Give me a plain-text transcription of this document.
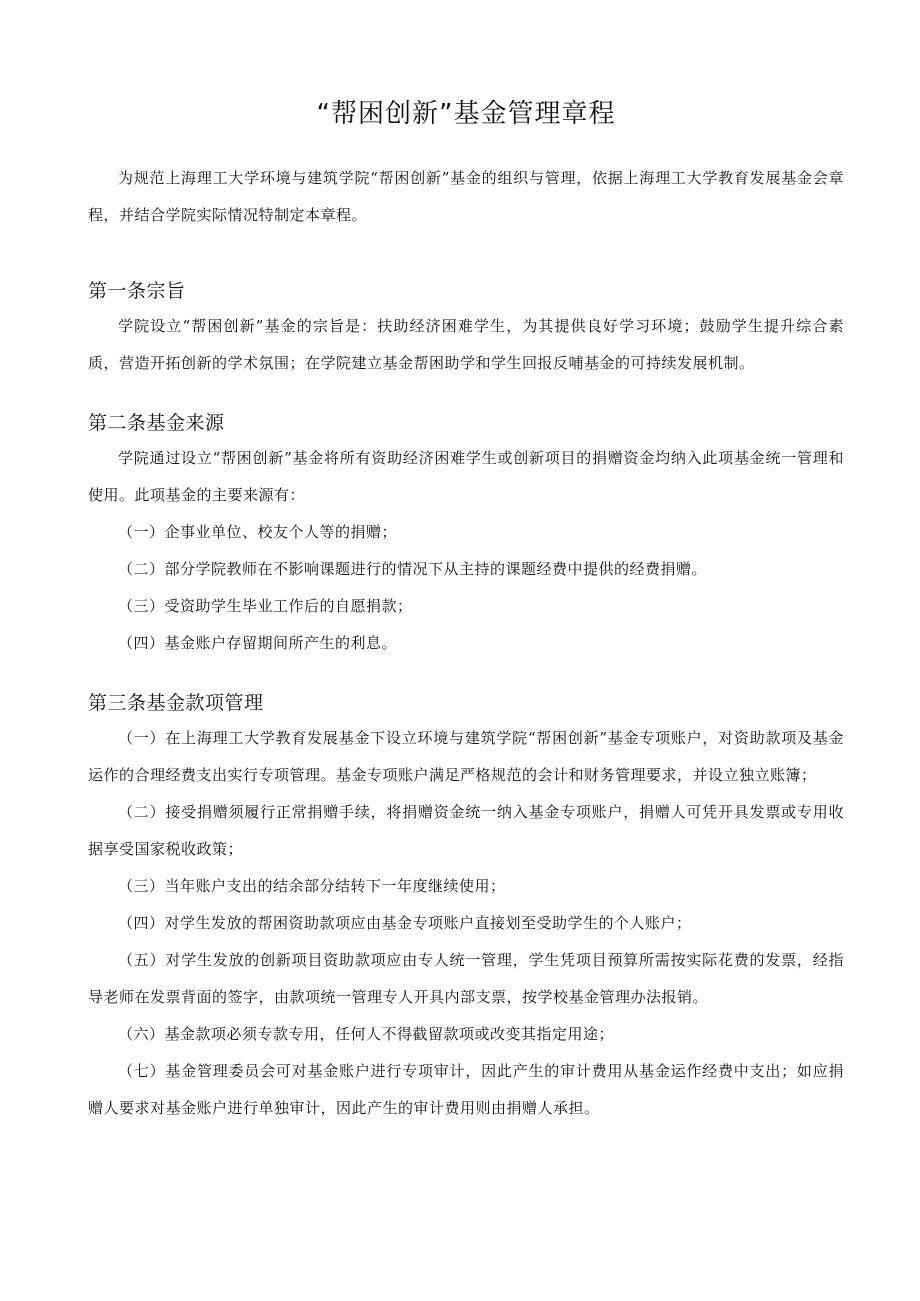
“帮困创新”基金管理章程

为规范上海理工大学环境与建筑学院“帮困创新”基金的组织与管理，依据上海理工大学教育发展基金会章程，并结合学院实际情况特制定本章程。

第一条宗旨

学院设立“帮困创新”基金的宗旨是：扶助经济困难学生，为其提供良好学习环境；鼓励学生提升综合素质，营造开拓创新的学术氛围；在学院建立基金帮困助学和学生回报反哺基金的可持续发展机制。

第二条基金来源

学院通过设立“帮困创新”基金将所有资助经济困难学生或创新项目的捐赠资金均纳入此项基金统一管理和使用。此项基金的主要来源有：

（一）企事业单位、校友个人等的捐赠；

（二）部分学院教师在不影响课题进行的情况下从主持的课题经费中提供的经费捐赠。

（三）受资助学生毕业工作后的自愿捐款；

（四）基金账户存留期间所产生的利息。

第三条基金款项管理

（一）在上海理工大学教育发展基金下设立环境与建筑学院“帮困创新”基金专项账户，对资助款项及基金运作的合理经费支出实行专项管理。基金专项账户满足严格规范的会计和财务管理要求，并设立独立账簿；

（二）接受捐赠须履行正常捐赠手续，将捐赠资金统一纳入基金专项账户，捐赠人可凭开具发票或专用收据享受国家税收政策；

（三）当年账户支出的结余部分结转下一年度继续使用；

（四）对学生发放的帮困资助款项应由基金专项账户直接划至受助学生的个人账户；

（五）对学生发放的创新项目资助款项应由专人统一管理，学生凭项目预算所需按实际花费的发票，经指导老师在发票背面的签字，由款项统一管理专人开具内部支票，按学校基金管理办法报销。

（六）基金款项必须专款专用，任何人不得截留款项或改变其指定用途；

（七）基金管理委员会可对基金账户进行专项审计，因此产生的审计费用从基金运作经费中支出；如应捐赠人要求对基金账户进行单独审计，因此产生的审计费用则由捐赠人承担。
